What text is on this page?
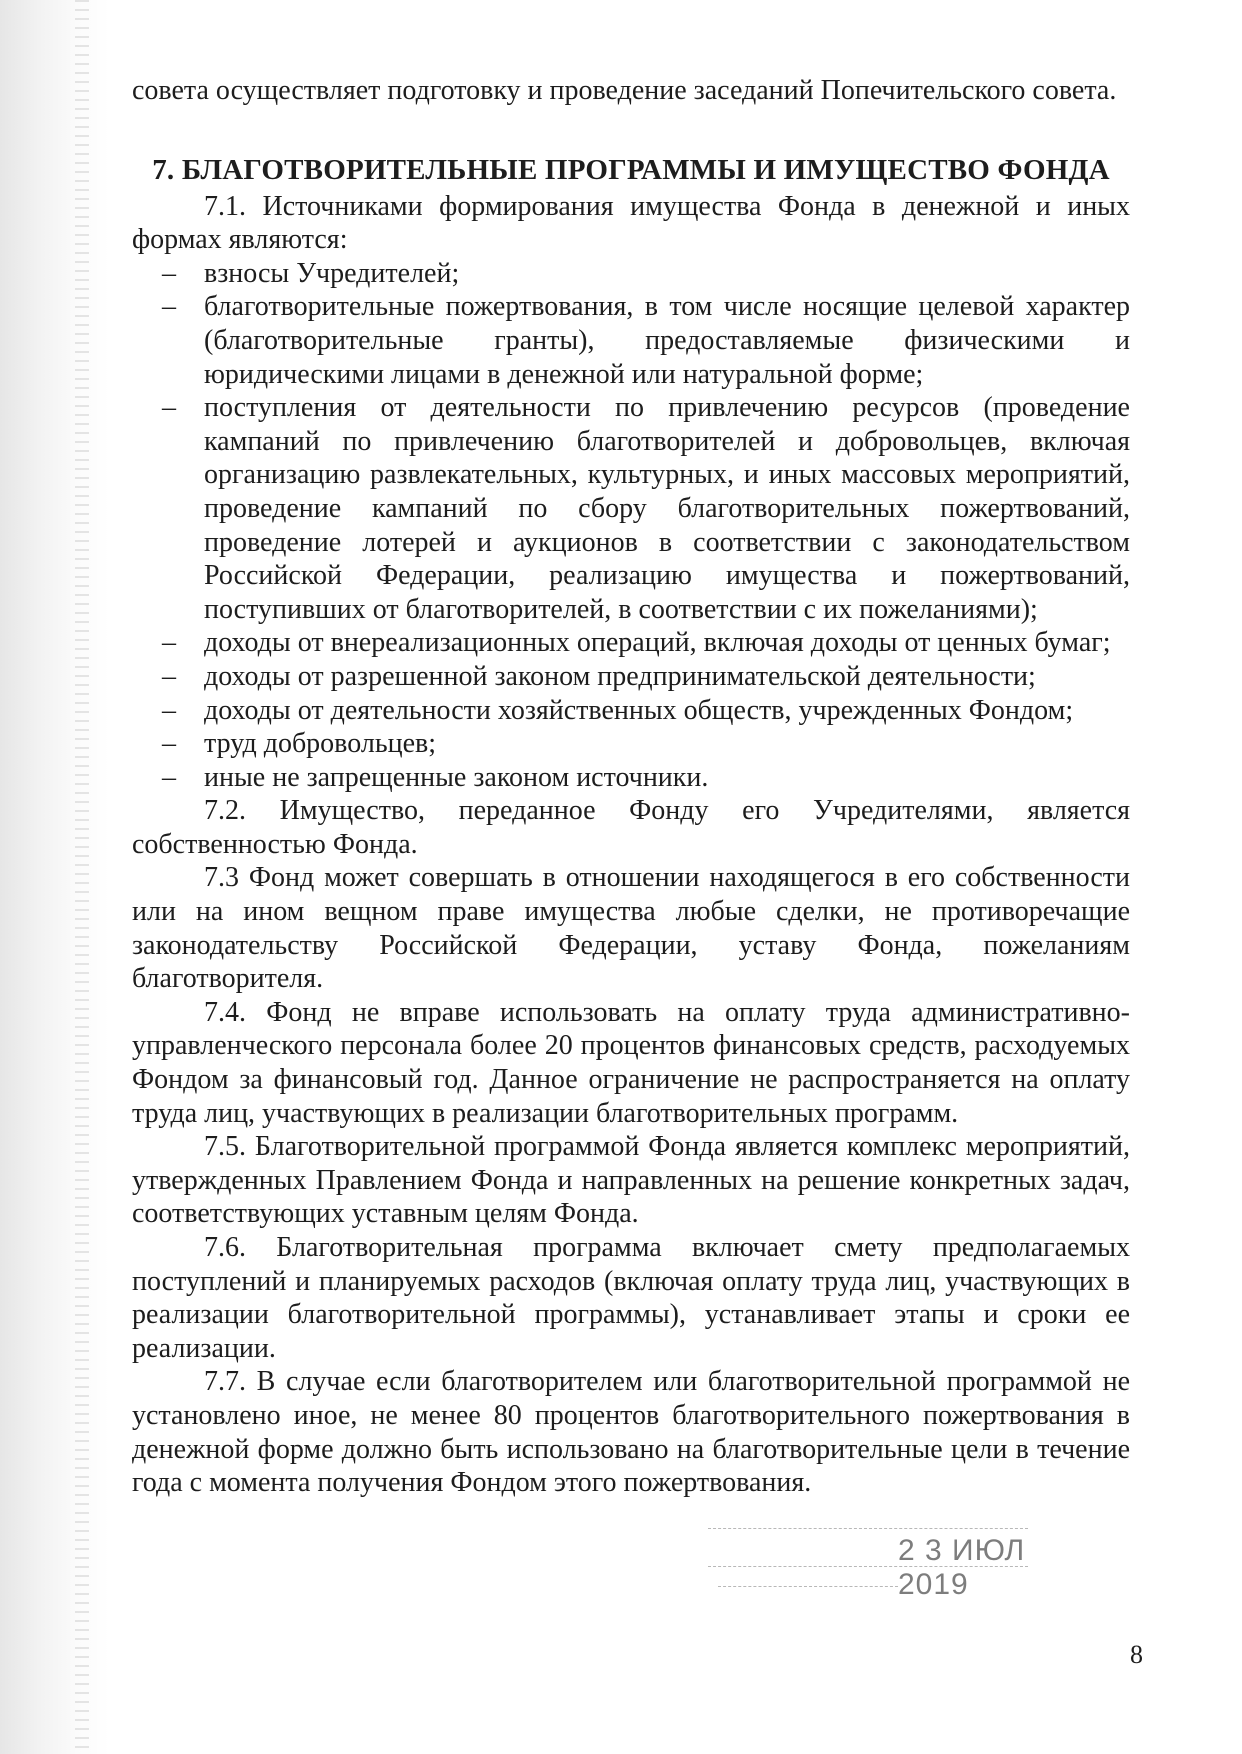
совета осуществляет подготовку и проведение заседаний Попечительского совета.

7. БЛАГОТВОРИТЕЛЬНЫЕ ПРОГРАММЫ И ИМУЩЕСТВО ФОНДА

7.1. Источниками формирования имущества Фонда в денежной и иных формах являются:

– взносы Учредителей;
– благотворительные пожертвования, в том числе носящие целевой характер (благотворительные гранты), предоставляемые физическими и юридическими лицами в денежной или натуральной форме;
– поступления от деятельности по привлечению ресурсов (проведение кампаний по привлечению благотворителей и добровольцев, включая организацию развлекательных, культурных, и иных массовых мероприятий, проведение кампаний по сбору благотворительных пожертвований, проведение лотерей и аукционов в соответствии с законодательством Российской Федерации, реализацию имущества и пожертвований, поступивших от благотворителей, в соответствии с их пожеланиями);
– доходы от внереализационных операций, включая доходы от ценных бумаг;
– доходы от разрешенной законом предпринимательской деятельности;
– доходы от деятельности хозяйственных обществ, учрежденных Фондом;
– труд добровольцев;
– иные не запрещенные законом источники.

7.2. Имущество, переданное Фонду его Учредителями, является собственностью Фонда.

7.3 Фонд может совершать в отношении находящегося в его собственности или на ином вещном праве имущества любые сделки, не противоречащие законодательству Российской Федерации, уставу Фонда, пожеланиям благотворителя.

7.4. Фонд не вправе использовать на оплату труда административно-управленческого персонала более 20 процентов финансовых средств, расходуемых Фондом за финансовый год. Данное ограничение не распространяется на оплату труда лиц, участвующих в реализации благотворительных программ.

7.5. Благотворительной программой Фонда является комплекс мероприятий, утвержденных Правлением Фонда и направленных на решение конкретных задач, соответствующих уставным целям Фонда.

7.6. Благотворительная программа включает смету предполагаемых поступлений и планируемых расходов (включая оплату труда лиц, участвующих в реализации благотворительной программы), устанавливает этапы и сроки ее реализации.

7.7. В случае если благотворителем или благотворительной программой не установлено иное, не менее 80 процентов благотворительного пожертвования в денежной форме должно быть использовано на благотворительные цели в течение года с момента получения Фондом этого пожертвования.

2 3 ИЮЛ 2019
8
